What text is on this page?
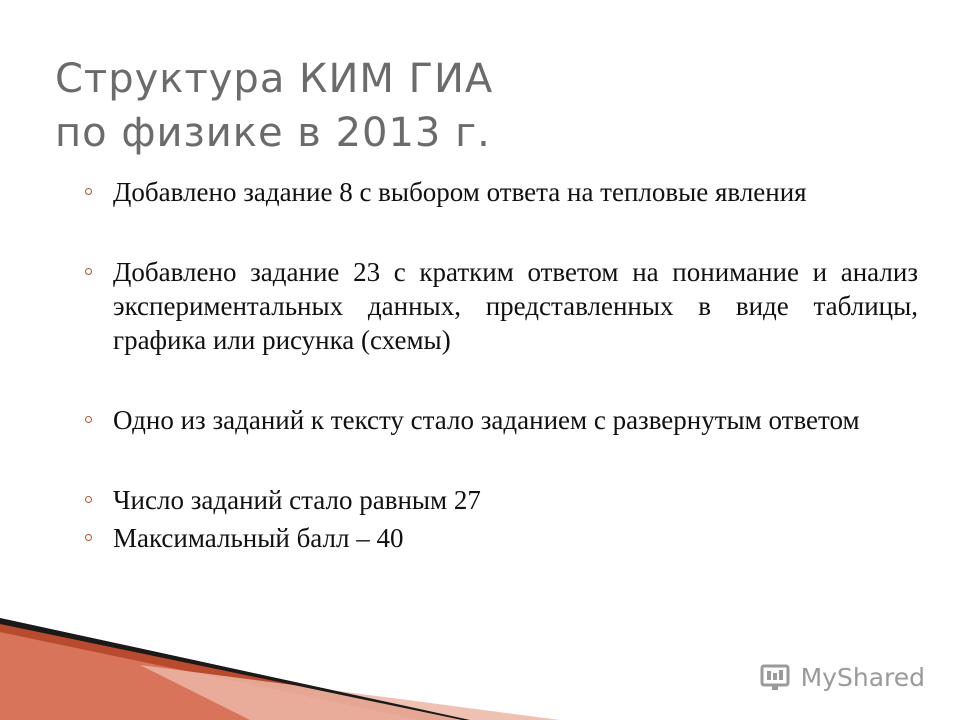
Структура КИМ ГИА
по физике в 2013 г.
Добавлено задание 8 с выбором ответа на тепловые явления
Добавлено задание 23 с кратким ответом на понимание и анализ экспериментальных данных, представленных в виде таблицы, графика или рисунка (схемы)
Одно из заданий к тексту стало заданием с развернутым ответом
Число заданий стало равным 27
Максимальный балл – 40
MyShared
